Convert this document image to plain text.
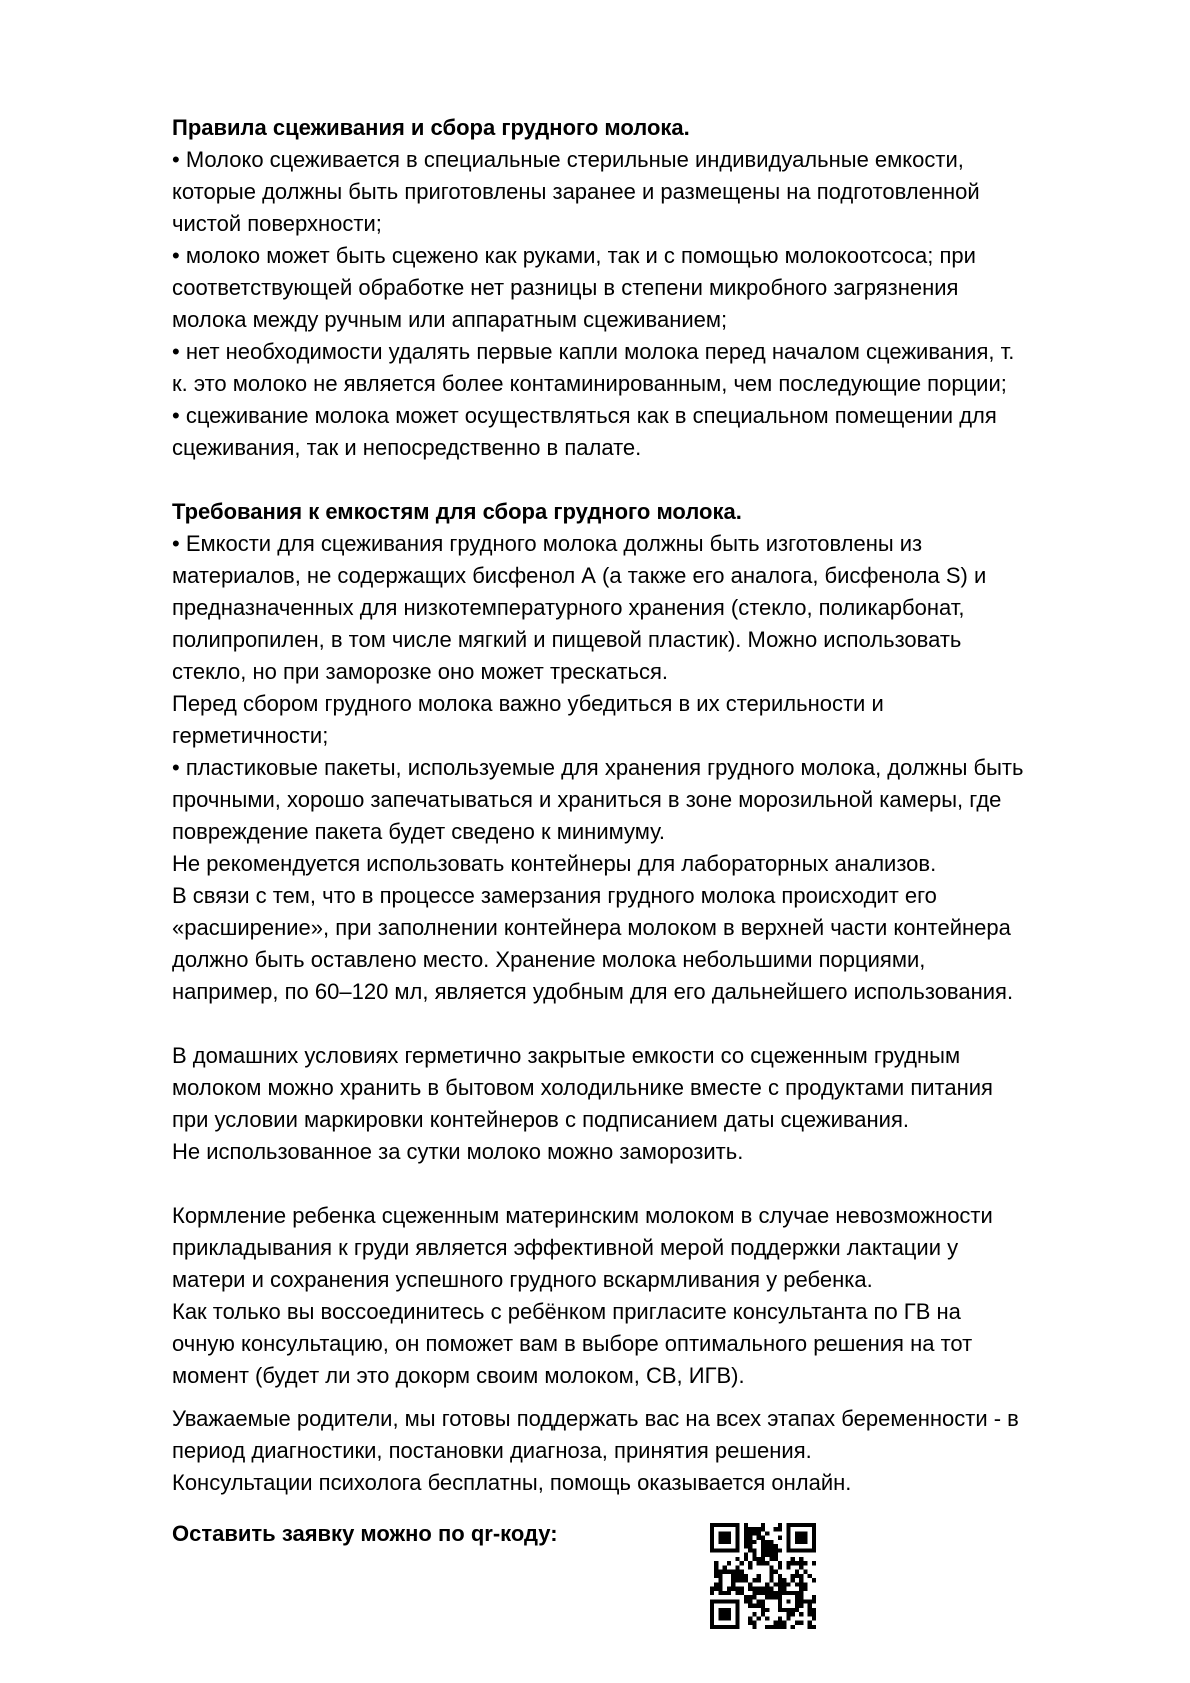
Правила сцеживания и сбора грудного молока.
• Молоко сцеживается в специальные стерильные индивидуальные емкости,
которые должны быть приготовлены заранее и размещены на подготовленной
чистой поверхности;
• молоко может быть сцежено как руками, так и с помощью молокоотсоса; при
соответствующей обработке нет разницы в степени микробного загрязнения
молока между ручным или аппаратным сцеживанием;
• нет необходимости удалять первые капли молока перед началом сцеживания, т.
к. это молоко не является более контаминированным, чем последующие порции;
• сцеживание молока может осуществляться как в специальном помещении для
сцеживания, так и непосредственно в палате.
Требования к емкостям для сбора грудного молока.
• Емкости для сцеживания грудного молока должны быть изготовлены из
материалов, не содержащих бисфенол А (а также его аналога, бисфенола S) и
предназначенных для низкотемпературного хранения (стекло, поликарбонат,
полипропилен, в том числе мягкий и пищевой пластик). Можно использовать
стекло, но при заморозке оно может трескаться.
Перед сбором грудного молока важно убедиться в их стерильности и
герметичности;
• пластиковые пакеты, используемые для хранения грудного молока, должны быть
прочными, хорошо запечатываться и храниться в зоне морозильной камеры, где
повреждение пакета будет сведено к минимуму.
Не рекомендуется использовать контейнеры для лабораторных анализов.
В связи с тем, что в процессе замерзания грудного молока происходит его
«расширение», при заполнении контейнера молоком в верхней части контейнера
должно быть оставлено место. Хранение молока небольшими порциями,
например, по 60–120 мл, является удобным для его дальнейшего использования.
В домашних условиях герметично закрытые емкости со сцеженным грудным
молоком можно хранить в бытовом холодильнике вместе с продуктами питания
при условии маркировки контейнеров с подписанием даты сцеживания.
Не использованное за сутки молоко можно заморозить.
Кормление ребенка сцеженным материнским молоком в случае невозможности
прикладывания к груди является эффективной мерой поддержки лактации у
матери и сохранения успешного грудного вскармливания у ребенка.
Как только вы воссоединитесь с ребёнком пригласите консультанта по ГВ на
очную консультацию, он поможет вам в выборе оптимального решения на тот
момент (будет ли это докорм своим молоком, СВ, ИГВ).
Уважаемые родители, мы готовы поддержать вас на всех этапах беременности - в
период диагностики, постановки диагноза, принятия решения.
Консультации психолога бесплатны, помощь оказывается онлайн.
Оставить заявку можно по qr-коду:
